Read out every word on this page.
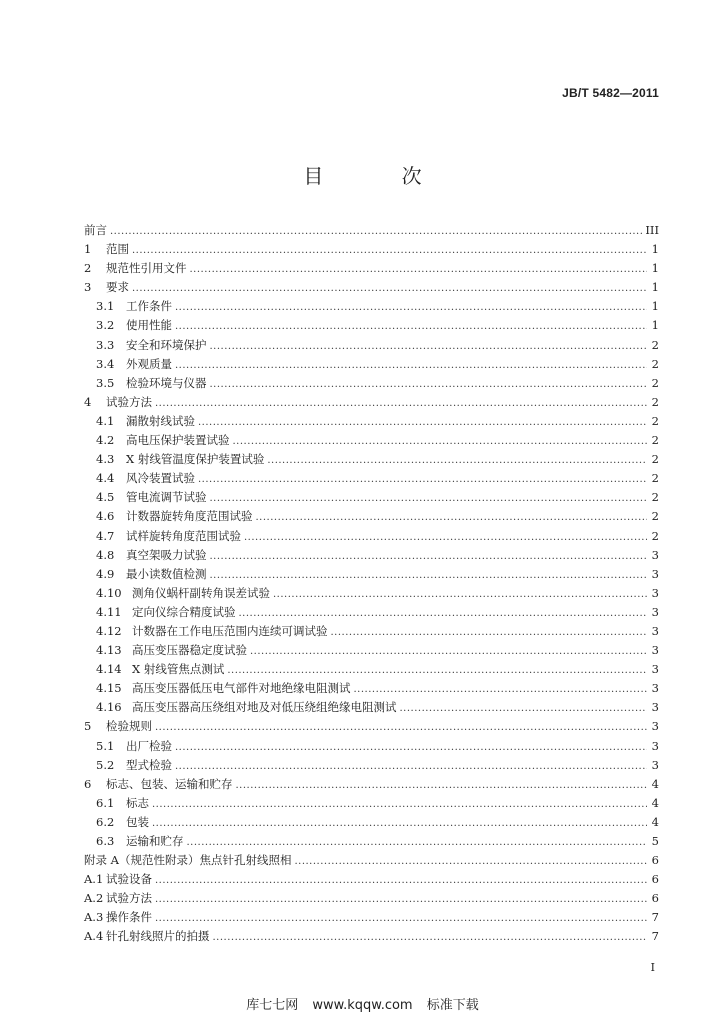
JB/T 5482—2011
目 次
前言 .....	III
1	范围 .....	1
2	规范性引用文件 .....	1
3	要求 .....	1
3.1	工作条件 .....	1
3.2	使用性能 .....	1
3.3	安全和环境保护 .....	2
3.4	外观质量 .....	2
3.5	检验环境与仪器 .....	2
4	试验方法 .....	2
4.1	漏散射线试验 .....	2
4.2	高电压保护装置试验 .....	2
4.3	X 射线管温度保护装置试验 .....	2
4.4	风冷装置试验 .....	2
4.5	管电流调节试验 .....	2
4.6	计数器旋转角度范围试验 .....	2
4.7	试样旋转角度范围试验 .....	2
4.8	真空架吸力试验 .....	3
4.9	最小读数值检测 .....	3
4.10 测角仪蜗杆副转角误差试验 .....	3
4.11 定向仪综合精度试验 .....	3
4.12 计数器在工作电压范围内连续可调试验 .....	3
4.13 高压变压器稳定度试验 .....	3
4.14 X 射线管焦点测试 .....	3
4.15 高压变压器低压电气部件对地绝缘电阻测试 .....	3
4.16 高压变压器高压绕组对地及对低压绕组绝缘电阻测试 .....	3
5	检验规则 .....	3
5.1	出厂检验 .....	3
5.2	型式检验 .....	3
6	标志、包装、运输和贮存 .....	4
6.1	标志 .....	4
6.2	包装 .....	4
6.3	运输和贮存 .....	5
附录 A（规范性附录）焦点针孔射线照相 .....	6
A.1 试验设备 .....	6
A.2 试验方法 .....	6
A.3 操作条件 .....	7
A.4 针孔射线照片的拍摄 .....	7
I
库七七网 www.kqqw.com 标准下载
